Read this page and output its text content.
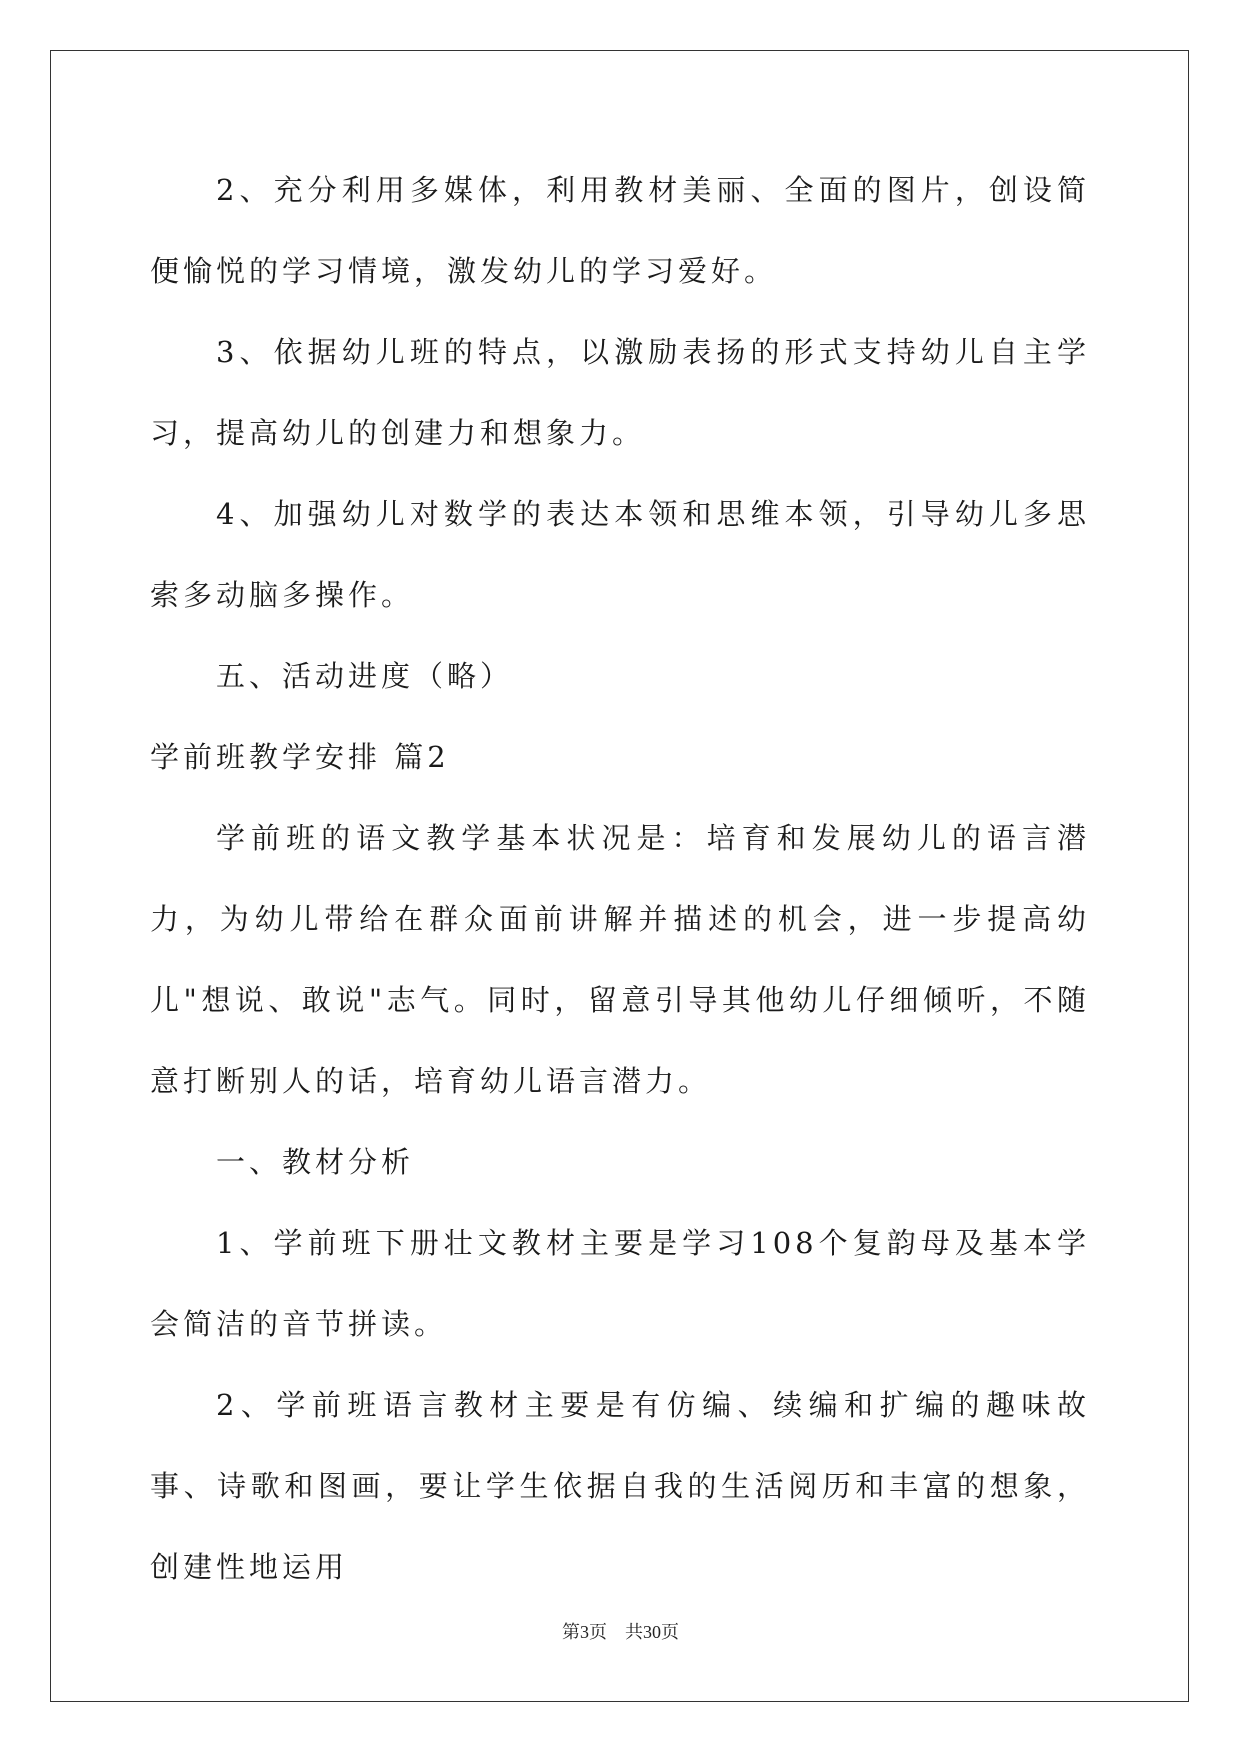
2、充分利用多媒体，利用教材美丽、全面的图片，创设简便愉悦的学习情境，激发幼儿的学习爱好。

3、依据幼儿班的特点，以激励表扬的形式支持幼儿自主学习，提高幼儿的创建力和想象力。

4、加强幼儿对数学的表达本领和思维本领，引导幼儿多思索多动脑多操作。

五、活动进度（略）

学前班教学安排 篇2

学前班的语文教学基本状况是：培育和发展幼儿的语言潜力，为幼儿带给在群众面前讲解并描述的机会，进一步提高幼儿"想说、敢说"志气。同时，留意引导其他幼儿仔细倾听，不随意打断别人的话，培育幼儿语言潜力。

一、教材分析

1、学前班下册壮文教材主要是学习108个复韵母及基本学会简洁的音节拼读。

2、学前班语言教材主要是有仿编、续编和扩编的趣味故事、诗歌和图画，要让学生依据自我的生活阅历和丰富的想象，创建性地运用

第3页 共30页
